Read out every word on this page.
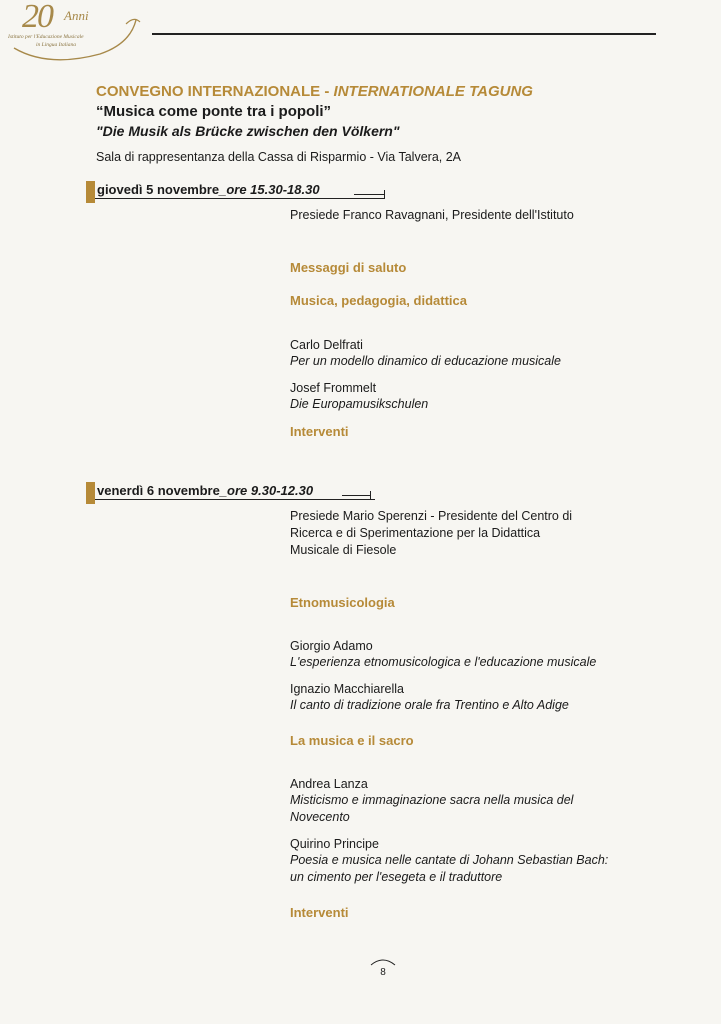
20 Anni
Istituto per l'Educazione Musicale
in Lingua Italiana
CONVEGNO INTERNAZIONALE - INTERNATIONALE TAGUNG
“Musica come ponte tra i popoli”
"Die Musik als Brücke zwischen den Völkern"
Sala di rappresentanza della Cassa di Risparmio - Via Talvera, 2A
giovedì 5 novembre_ore 15.30-18.30
Presiede Franco Ravagnani, Presidente dell'Istituto
Messaggi di saluto
Musica, pedagogia, didattica
Carlo Delfrati
Per un modello dinamico di educazione musicale
Josef Frommelt
Die Europamusikschulen
Interventi
venerdì 6 novembre_ore 9.30-12.30
Presiede Mario Sperenzi - Presidente del Centro di
Ricerca e di Sperimentazione per la Didattica
Musicale di Fiesole
Etnomusicologia
Giorgio Adamo
L'esperienza etnomusicologica e l'educazione musicale
Ignazio Macchiarella
Il canto di tradizione orale fra Trentino e Alto Adige
La musica e il sacro
Andrea Lanza
Misticismo e immaginazione sacra nella musica del
Novecento
Quirino Principe
Poesia e musica nelle cantate di Johann Sebastian Bach:
un cimento per l'esegeta e il traduttore
Interventi
8
